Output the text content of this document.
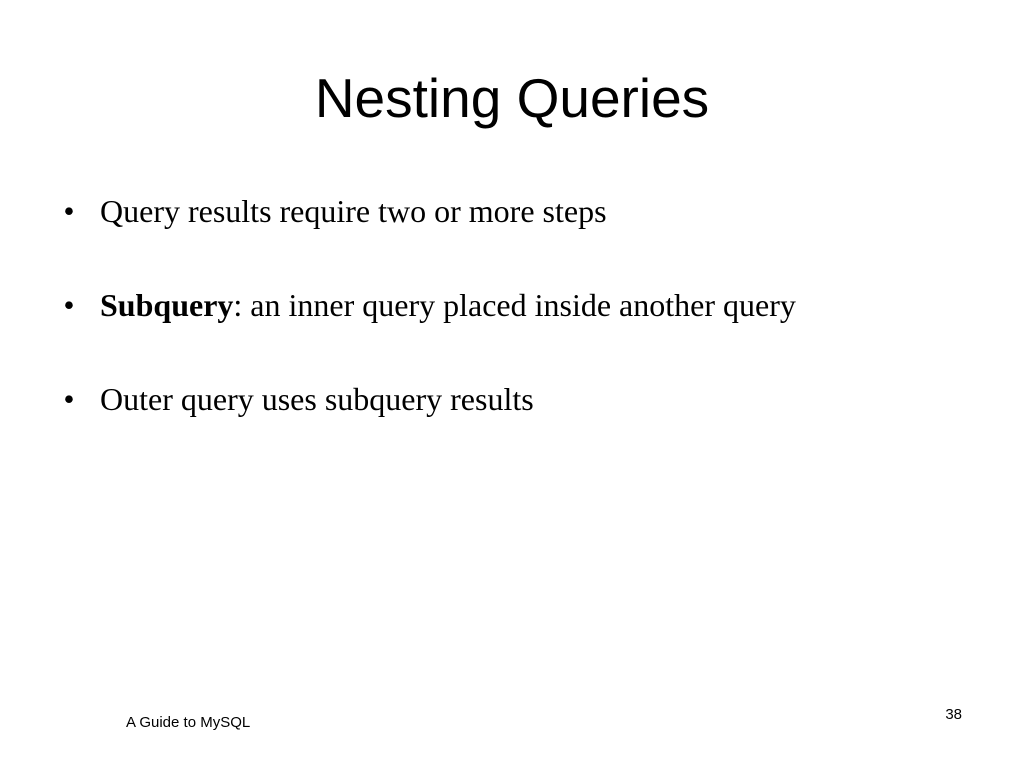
Nesting Queries
• Query results require two or more steps
• Subquery: an inner query placed inside another query
• Outer query uses subquery results
A Guide to MySQL	38
